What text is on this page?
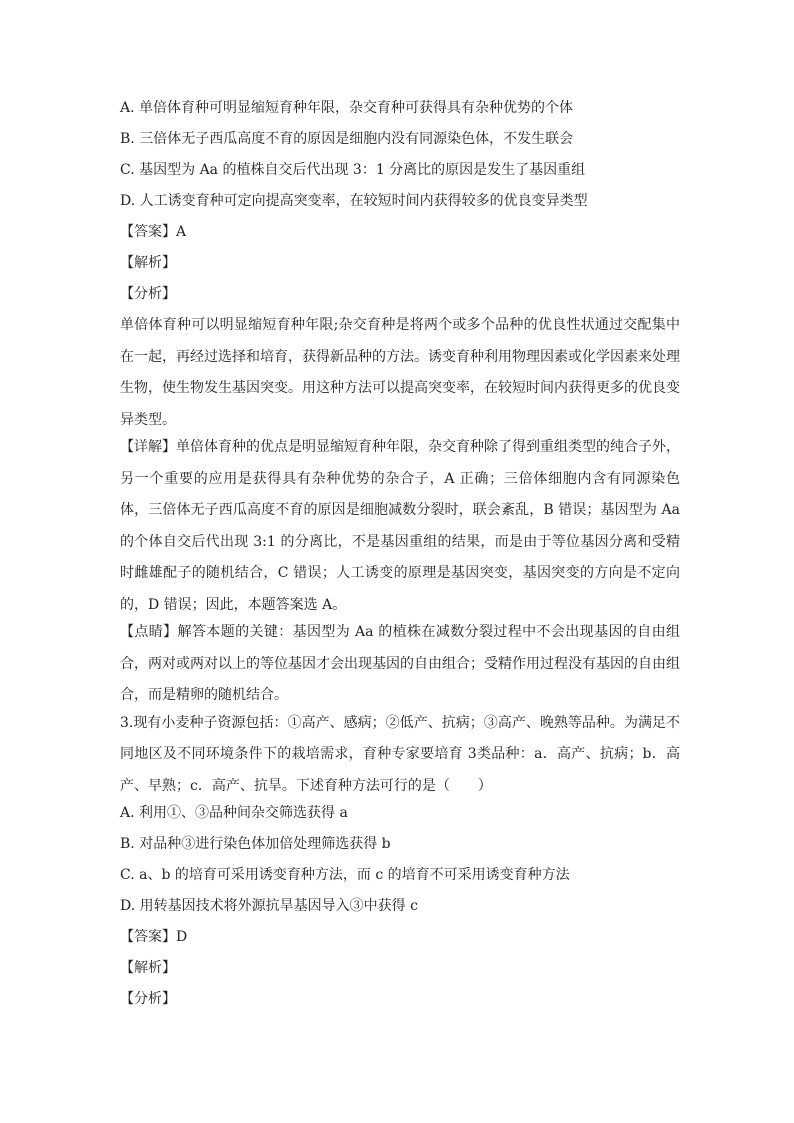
A. 单倍体育种可明显缩短育种年限，杂交育种可获得具有杂种优势的个体
B. 三倍体无子西瓜高度不育的原因是细胞内没有同源染色体，不发生联会
C. 基因型为 Aa 的植株自交后代出现 3：1 分离比的原因是发生了基因重组
D. 人工诱变育种可定向提高突变率，在较短时间内获得较多的优良变异类型
【答案】A
【解析】
【分析】
单倍体育种可以明显缩短育种年限;杂交育种是将两个或多个品种的优良性状通过交配集中在一起，再经过选择和培育，获得新品种的方法。诱变育种利用物理因素或化学因素来处理生物，使生物发生基因突变。用这种方法可以提高突变率，在较短时间内获得更多的优良变异类型。
【详解】单倍体育种的优点是明显缩短育种年限，杂交育种除了得到重组类型的纯合子外，另一个重要的应用是获得具有杂种优势的杂合子，A 正确；三倍体细胞内含有同源染色体，三倍体无子西瓜高度不育的原因是细胞减数分裂时，联会紊乱，B 错误；基因型为 Aa 的个体自交后代出现 3:1 的分离比，不是基因重组的结果，而是由于等位基因分离和受精时雌雄配子的随机结合，C 错误；人工诱变的原理是基因突变，基因突变的方向是不定向的，D 错误；因此，本题答案选 A。
【点睛】解答本题的关键：基因型为 Aa 的植株在减数分裂过程中不会出现基因的自由组合，两对或两对以上的等位基因才会出现基因的自由组合；受精作用过程没有基因的自由组合，而是精卵的随机结合。
3.现有小麦种子资源包括：①高产、感病；②低产、抗病；③高产、晚熟等品种。为满足不同地区及不同环境条件下的栽培需求，育种专家要培育 3类品种：a．高产、抗病；b．高产、早熟；c．高产、抗旱。下述育种方法可行的是（　　）
A. 利用①、③品种间杂交筛选获得 a
B. 对品种③进行染色体加倍处理筛选获得 b
C. a、b 的培育可采用诱变育种方法，而 c 的培育不可采用诱变育种方法
D. 用转基因技术将外源抗旱基因导入③中获得 c
【答案】D
【解析】
【分析】
